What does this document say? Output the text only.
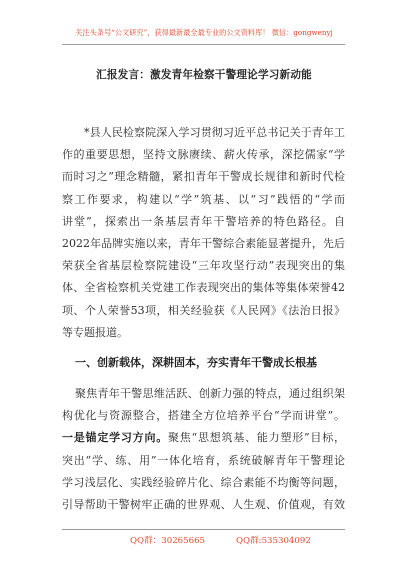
关注头条号“公文研究”，获得最新最全最专业的公文资料库！ 微信：gongwenyj
汇报发言：激发青年检察干警理论学习新动能
*县人民检察院深入学习贯彻习近平总书记关于青年工
作的重要思想，坚持文脉赓续、薪火传承，深挖儒家“学
而时习之”理念精髓，紧扣青年干警成长规律和新时代检
察工作要求，构建以“学”筑基、以“习”践悟的“学而
讲堂”，探索出一条基层青年干警培养的特色路径。自
2022年品牌实施以来，青年干警综合素能显著提升，先后
荣获全省基层检察院建设“三年攻坚行动”表现突出的集
体、全省检察机关党建工作表现突出的集体等集体荣誉42
项、个人荣誉53项，相关经验获《人民网》《法治日报》
等专题报道。
一、创新载体，深耕固本，夯实青年干警成长根基
聚焦青年干警思维活跃、创新力强的特点，通过组织架
构优化与资源整合，搭建全方位培养平台“学而讲堂”。
一是锚定学习方向。聚焦“思想筑基、能力塑形”目标，
突出“学、练、用”一体化培育，系统破解青年干警理论
学习浅层化、实践经验碎片化、综合素能不均衡等问题，
引导帮助干警树牢正确的世界观、人生观、价值观，有效
QQ群：30265665	QQ群:535304092
